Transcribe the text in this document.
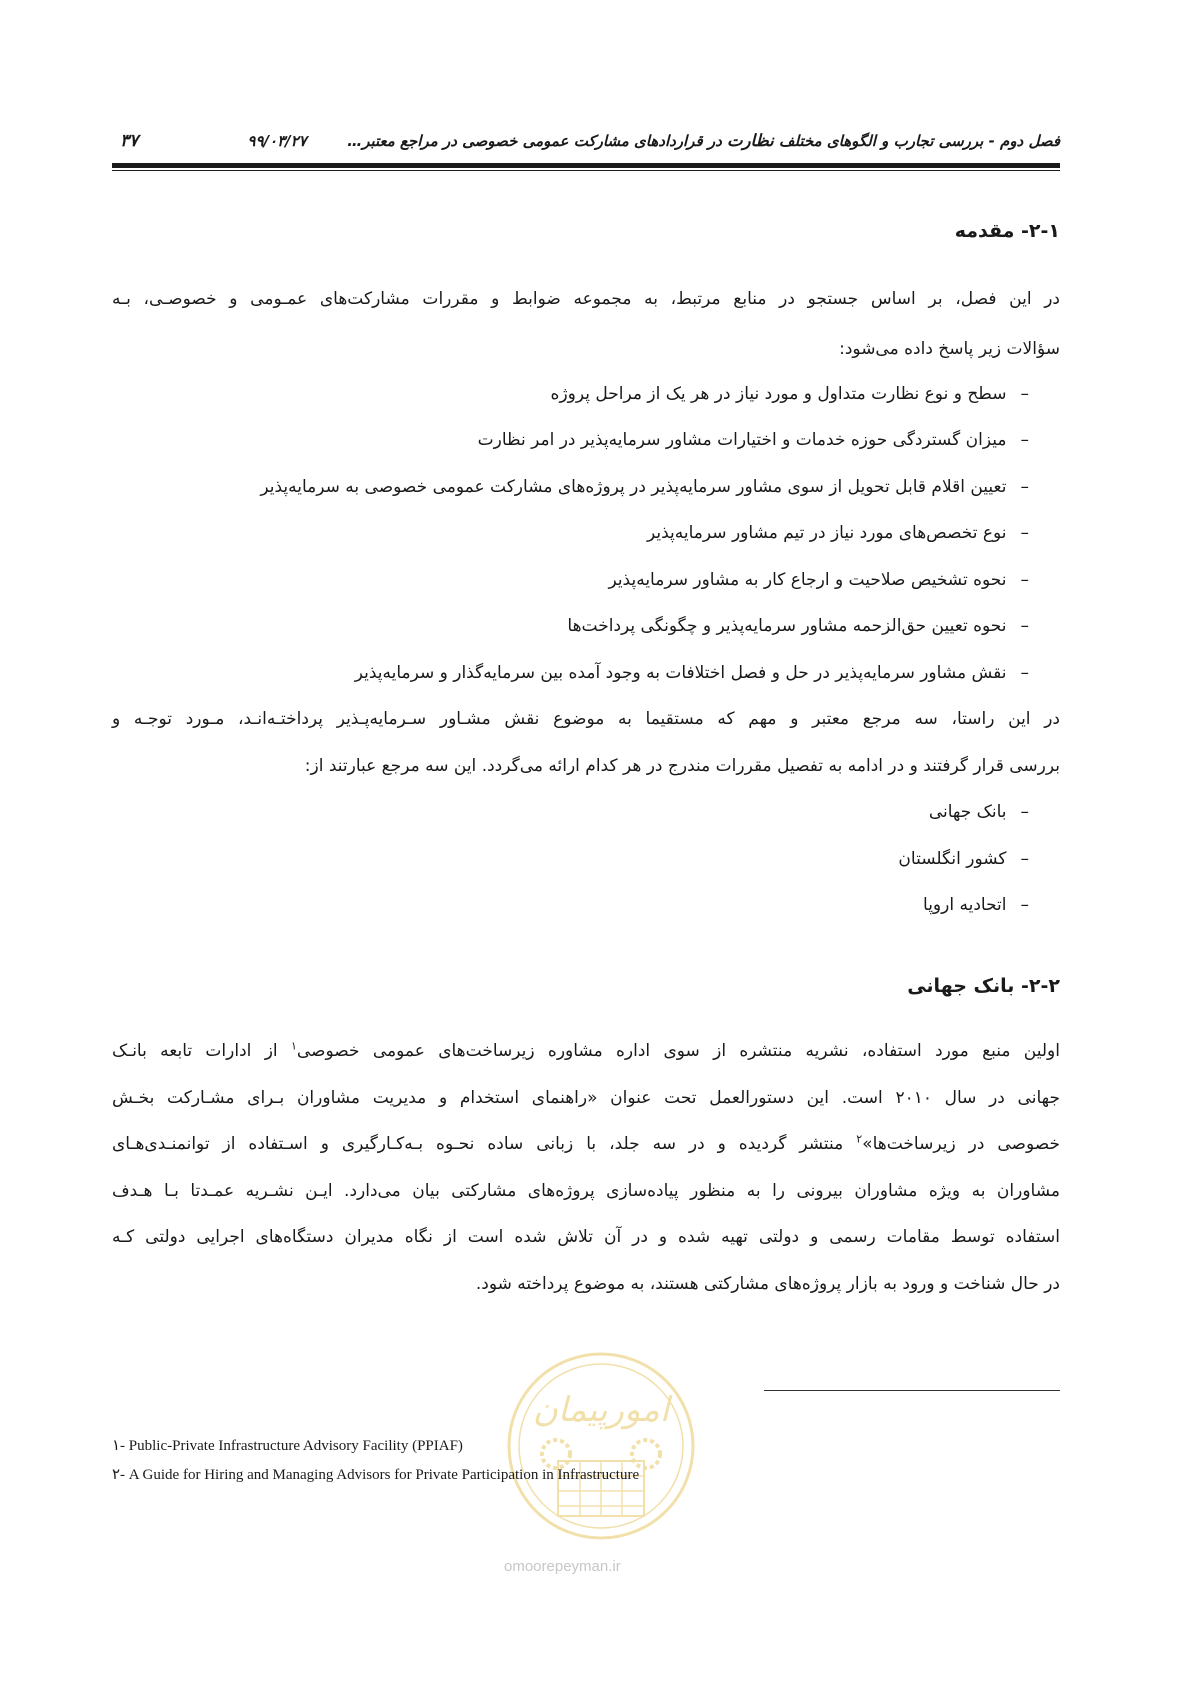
فصل دوم - بررسی تجارب و الگوهای مختلف نظارت در قراردادهای مشارکت عمومی خصوصی در مراجع معتبر…  ۹۹/۰۳/۲۷
۳۷
۲-۱- مقدمه
در این فصل، بر اساس جستجو در منابع مرتبط، به مجموعه ضوابط و مقررات مشارکت‌های عمـومی و خصوصـی، بـه
سؤالات زیر پاسخ داده می‌شود:
–سطح و نوع نظارت متداول و مورد نیاز در هر یک از مراحل پروژه
–میزان گستردگی حوزه خدمات و اختیارات مشاور سرمایه‌پذیر در امر نظارت
–تعیین اقلام قابل تحویل از سوی مشاور سرمایه‌پذیر در پروژه‌های مشارکت عمومی خصوصی به سرمایه‌پذیر
–نوع تخصص‌های مورد نیاز در تیم مشاور سرمایه‌پذیر
–نحوه تشخیص صلاحیت و ارجاع کار به مشاور سرمایه‌پذیر
–نحوه تعیین حق‌الزحمه مشاور سرمایه‌پذیر و چگونگی پرداخت‌ها
–نقش مشاور سرمایه‌پذیر در حل و فصل اختلافات به وجود آمده بین سرمایه‌گذار و سرمایه‌پذیر
در این راستا، سه مرجع معتبر و مهم که مستقیما به موضوع نقش مشـاور سـرمایه‌پـذیر پرداختـه‌انـد، مـورد توجـه و
بررسی قرار گرفتند و در ادامه به تفصیل مقررات مندرج در هر کدام ارائه می‌گردد. این سه مرجع عبارتند از:
–بانک جهانی
–کشور انگلستان
–اتحادیه اروپا
۲-۲- بانک جهانی
اولین منبع مورد استفاده، نشریه منتشره از سوی اداره مشاوره زیرساخت‌های عمومی خصوصی$^۱$ از ادارات تابعه بانـک
جهانی در سال ۲۰۱۰ است. این دستورالعمل تحت عنوان «راهنمای استخدام و مدیریت مشاوران بـرای مشـارکت بخـش
خصوصی در زیرساخت‌ها»$^۲$ منتشر گردیده و در سه جلد، با زبانی ساده نحـوه بـه‌کـارگیری و اسـتفاده از توانمنـدی‌هـای
مشاوران به ویژه مشاوران بیرونی را به منظور پیاده‌سازی پروژه‌های مشارکتی بیان می‌دارد. ایـن نشـریه عمـدتا بـا هـدف
استفاده توسط مقامات رسمی و دولتی تهیه شده و در آن تلاش شده است از نگاه مدیران دستگاه‌های اجرایی دولتی کـه
در حال شناخت و ورود به بازار پروژه‌های مشارکتی هستند، به موضوع پرداخته شود.
امورپیمان
omoorepeyman.ir
۱- Public-Private Infrastructure Advisory Facility (PPIAF)
۲- A Guide for Hiring and Managing Advisors for Private Participation in Infrastructure
